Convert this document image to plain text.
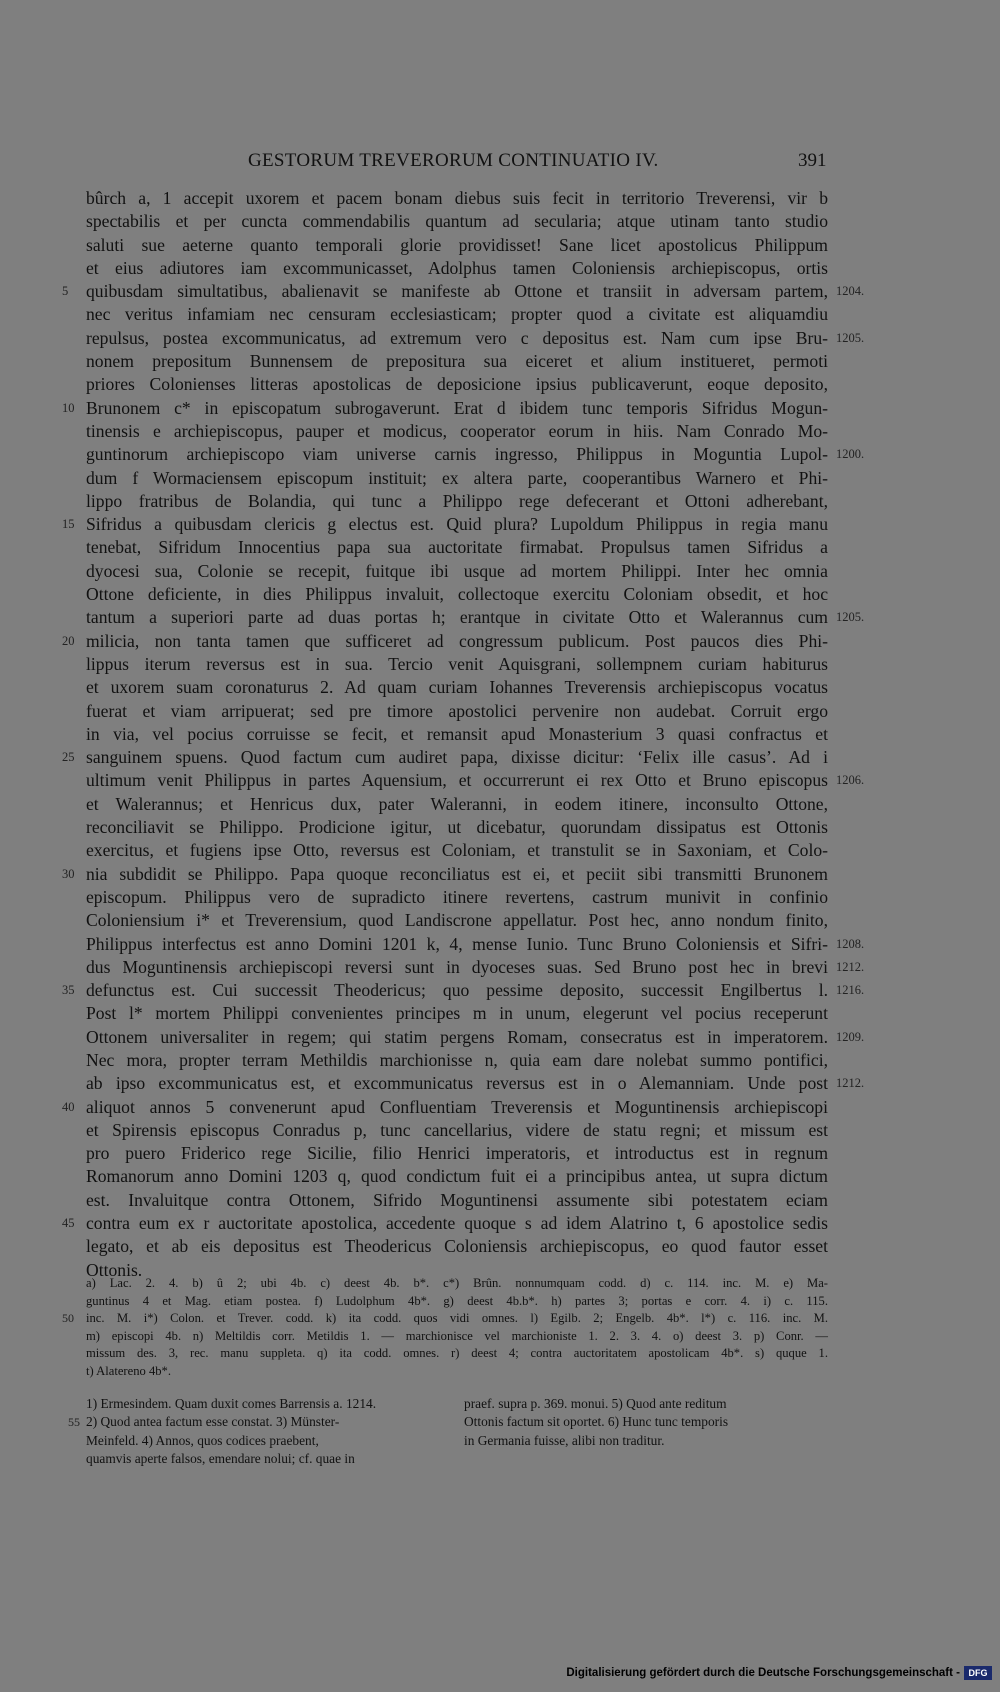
GESTORUM TREVERORUM CONTINUATIO IV.	391
bûrch a, 1 accepit uxorem et pacem bonam diebus suis fecit in territorio Treverensi, vir b
spectabilis et per cuncta commendabilis quantum ad secularia; atque utinam tanto studio
saluti sue aeterne quanto temporali glorie providisset! Sane licet apostolicus Philippum
et eius adiutores iam excommunicasset, Adolphus tamen Coloniensis archiepiscopus, ortis
quibusdam simultatibus, abalienavit se manifeste ab Ottone et transiit in adversam partem,
5	1204.
nec veritus infamiam nec censuram ecclesiasticam; propter quod a civitate est aliquamdiu
repulsus, postea excommunicatus, ad extremum vero c depositus est. Nam cum ipse Bru- 1205.
nonem prepositum Bunnensem de prepositura sua eiceret et alium institueret, permoti
priores Colonienses litteras apostolicas de deposicione ipsius publicaverunt, eoque deposito,
Brunonem c* in episcopatum subrogaverunt. Erat d ibidem tunc temporis Sifridus Mogun-
10
tinensis e archiepiscopus, pauper et modicus, cooperator eorum in hiis. Nam Conrado Mo-
guntinorum archiepiscopo viam universe carnis ingresso, Philippus in Moguntia Lupol- 1200.
dum f Wormaciensem episcopum instituit; ex altera parte, cooperantibus Warnero et Phi-
lippo fratribus de Bolandia, qui tunc a Philippo rege defecerant et Ottoni adherebant,
Sifridus a quibusdam clericis g electus est. Quid plura? Lupoldum Philippus in regia manu
15
tenebat, Sifridum Innocentius papa sua auctoritate firmabat. Propulsus tamen Sifridus a
dyocesi sua, Colonie se recepit, fuitque ibi usque ad mortem Philippi. Inter hec omnia
Ottone deficiente, in dies Philippus invaluit, collectoque exercitu Coloniam obsedit, et hoc
tantum a superiori parte ad duas portas h; erantque in civitate Otto et Walerannus cum 1205.
milicia, non tanta tamen que sufficeret ad congressum publicum. Post paucos dies Phi-
20
lippus iterum reversus est in sua. Tercio venit Aquisgrani, sollempnem curiam habiturus
et uxorem suam coronaturus 2. Ad quam curiam Iohannes Treverensis archiepiscopus vocatus
fuerat et viam arripuerat; sed pre timore apostolici pervenire non audebat. Corruit ergo
in via, vel pocius corruisse se fecit, et remansit apud Monasterium 3 quasi confractus et
sanguinem spuens. Quod factum cum audiret papa, dixisse dicitur: ‘Felix ille casus’. Ad i
25
ultimum venit Philippus in partes Aquensium, et occurrerunt ei rex Otto et Bruno episcopus 1206.
et Walerannus; et Henricus dux, pater Waleranni, in eodem itinere, inconsulto Ottone,
reconciliavit se Philippo. Prodicione igitur, ut dicebatur, quorundam dissipatus est Ottonis
exercitus, et fugiens ipse Otto, reversus est Coloniam, et transtulit se in Saxoniam, et Colo-
nia subdidit se Philippo. Papa quoque reconciliatus est ei, et peciit sibi transmitti Brunonem
30
episcopum. Philippus vero de supradicto itinere revertens, castrum munivit in confinio
Coloniensium i* et Treverensium, quod Landiscrone appellatur. Post hec, anno nondum finito,
Philippus interfectus est anno Domini 1201 k, 4, mense Iunio. Tunc Bruno Coloniensis et Sifri- 1208.
dus Moguntinensis archiepiscopi reversi sunt in dyoceses suas. Sed Bruno post hec in brevi 1212.
defunctus est. Cui successit Theodericus; quo pessime deposito, successit Engilbertus l.
35	1216.
Post l* mortem Philippi convenientes principes m in unum, elegerunt vel pocius receperunt
Ottonem universaliter in regem; qui statim pergens Romam, consecratus est in imperatorem. 1209.
Nec mora, propter terram Methildis marchionisse n, quia eam dare nolebat summo pontifici,
ab ipso excommunicatus est, et excommunicatus reversus est in o Alemanniam. Unde post 1212.
aliquot annos 5 convenerunt apud Confluentiam Treverensis et Moguntinensis archiepiscopi
40
et Spirensis episcopus Conradus p, tunc cancellarius, videre de statu regni; et missum est
pro puero Friderico rege Sicilie, filio Henrici imperatoris, et introductus est in regnum
Romanorum anno Domini 1203 q, quod condictum fuit ei a principibus antea, ut supra dictum
est. Invaluitque contra Ottonem, Sifrido Moguntinensi assumente sibi potestatem eciam
contra eum ex r auctoritate apostolica, accedente quoque s ad idem Alatrino t, 6 apostolice sedis
45
legato, et ab eis depositus est Theodericus Coloniensis archiepiscopus, eo quod fautor esset
Ottonis.
a) Lac. 2. 4. b) û 2; ubi 4b. c) deest 4b. b*. c*) Brûn. nonnumquam codd. d) c. 114. inc. M. e) Ma-
guntinus 4 et Mag. etiam postea. f) Ludolphum 4b*. g) deest 4b.b*. h) partes 3; portas e corr. 4. i) c. 115.
inc. M. i*) Colon. et Trever. codd. k) ita codd. quos vidi omnes. l) Egilb. 2; Engelb. 4b*. l*) c. 116. inc. M.
50
m) episcopi 4b. n) Meltildis corr. Metildis 1. — marchionisce vel marchioniste 1. 2. 3. 4. o) deest 3. p) Conr. —
missum des. 3, rec. manu suppleta. q) ita codd. omnes. r) deest 4; contra auctoritatem apostolicam 4b*. s) quque 1.
t) Alatereno 4b*.
1) Ermesindem. Quam duxit comes Barrensis a. 1214.
2) Quod antea factum esse constat. 3) Münster-
55
Meinfeld. 4) Annos, quos codices praebent,
quamvis aperte falsos, emendare nolui; cf. quae in
praef. supra p. 369. monui. 5) Quod ante reditum
Ottonis factum sit oportet. 6) Hunc tunc temporis
in Germania fuisse, alibi non traditur.
Digitalisierung gefördert durch die Deutsche Forschungsgemeinschaft - DFG
